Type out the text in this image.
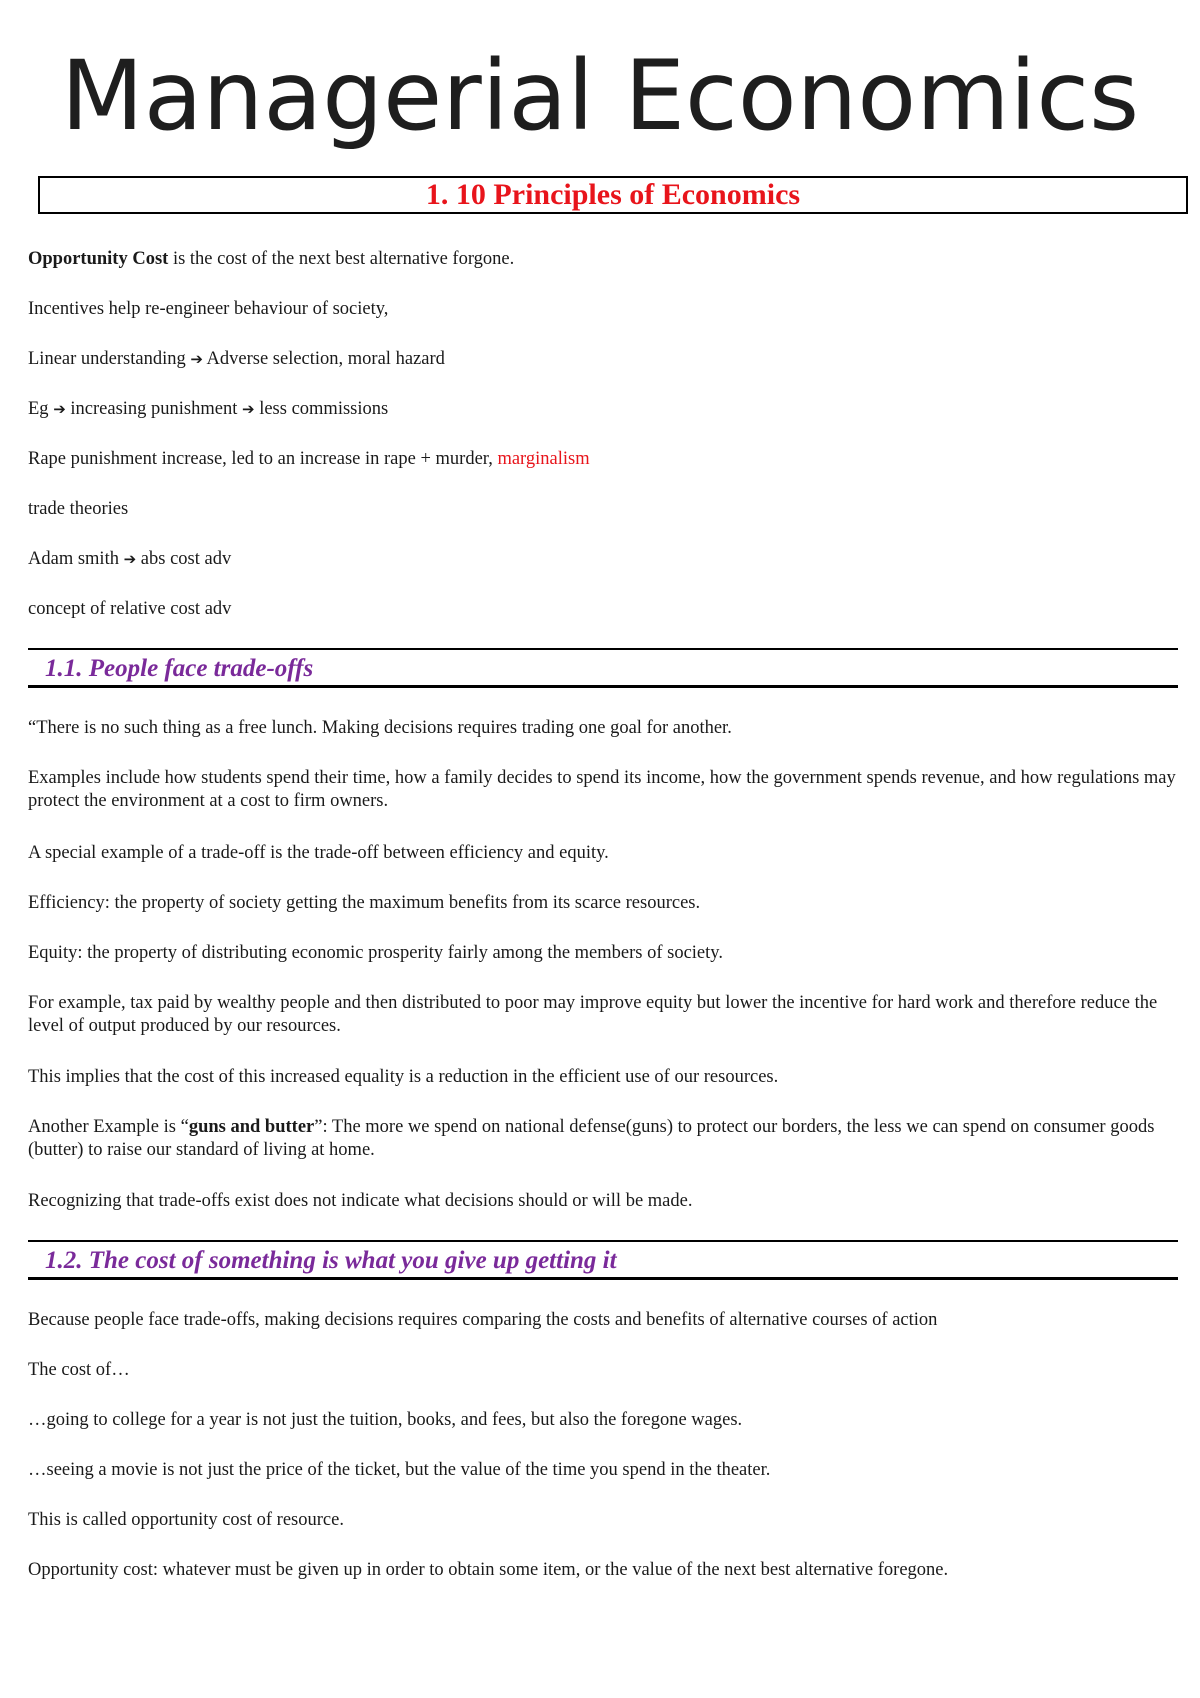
Managerial Economics
1. 10 Principles of Economics
Opportunity Cost is the cost of the next best alternative forgone.
Incentives help re-engineer behaviour of society,
Linear understanding ➔ Adverse selection, moral hazard
Eg ➔ increasing punishment ➔ less commissions
Rape punishment increase, led to an increase in rape + murder, marginalism
trade theories
Adam smith ➔ abs cost adv
concept of relative cost adv
1.1. People face trade-offs
“There is no such thing as a free lunch. Making decisions requires trading one goal for another.
Examples include how students spend their time, how a family decides to spend its income, how the government spends revenue, and how regulations may protect the environment at a cost to firm owners.
A special example of a trade-off is the trade-off between efficiency and equity.
Efficiency: the property of society getting the maximum benefits from its scarce resources.
Equity: the property of distributing economic prosperity fairly among the members of society.
For example, tax paid by wealthy people and then distributed to poor may improve equity but lower the incentive for hard work and therefore reduce the level of output produced by our resources.
This implies that the cost of this increased equality is a reduction in the efficient use of our resources.
Another Example is “guns and butter”: The more we spend on national defense(guns) to protect our borders, the less we can spend on consumer goods (butter) to raise our standard of living at home.
Recognizing that trade-offs exist does not indicate what decisions should or will be made.
1.2. The cost of something is what you give up getting it
Because people face trade-offs, making decisions requires comparing the costs and benefits of alternative courses of action
The cost of…
…going to college for a year is not just the tuition, books, and fees, but also the foregone wages.
…seeing a movie is not just the price of the ticket, but the value of the time you spend in the theater.
This is called opportunity cost of resource.
Opportunity cost: whatever must be given up in order to obtain some item, or the value of the next best alternative foregone.
